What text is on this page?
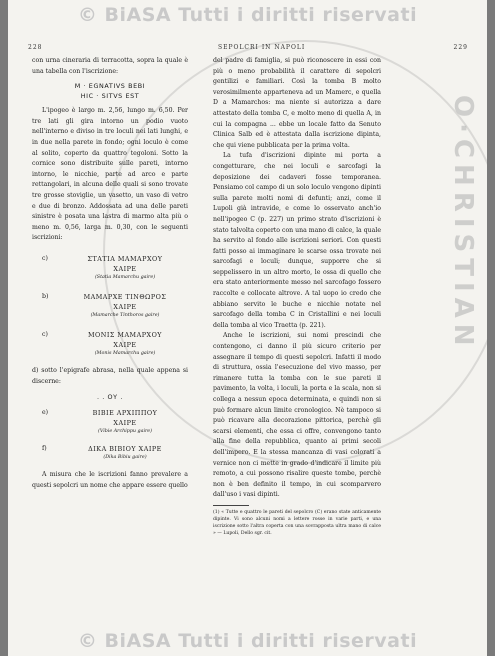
© BiASA Tutti i diritti riservati
O·CHRISTIAN
228	SEPOLCRI IN NAPOLI	229

con urna cineraria di terracotta, sopra la quale è una tabella con l'iscrizione:

M · EGNATIVS BEBI
HIC · SITVS EST

L'ipogeo è largo m. 2,56, lungo m. 6,50. Per tre lati gli gira intorno un podio vuoto nell'interno e diviso in tre loculi nei lati lunghi, e in due nella parete in fondo; ogni loculo è come al solito, coperto da quattro tegoloni. Sotto la cornice sono distribuite sulle pareti, intorno intorno, le nicchie, parte ad arco e parte rettangolari, in alcuna delle quali si sono trovate tre grosse stoviglie, un vasetto, un vaso di vetro e due di bronzo. Addossata ad una delle pareti sinistre è posata una lastra di marmo alta più o meno m. 0,56, larga m. 0,30, con le seguenti iscrizioni:

c)	ΣΤΑΤΙΑ ΜΑΜΑΡΧΟΥ
ΧΑΙΡΕ
(Statia Mamarchu gaire)
b)	ΜΑΜΑΡΧΕ ΤΙΝΘΩΡΟΣ
ΧΑΙΡΕ
(Mamarche Tinthoros gaire)
c)	ΜΟΝΙΣ ΜΑΜΑΡΧΟΥ
ΧΑΙΡΕ
(Monis Mamarchu gaire)

d) sotto l'epigrafe abrasa, nella quale appena si discerne:

. . ΟΥ .
e)	ΒΙΒΙΕ ΑΡΧΙΠΠΟΥ
ΧΑΙΡΕ
(Vibie Archippu gaire)
f)	ΔΙΚΑ ΒΙΒΙΟΥ ΧΑΙΡΕ
(Dika Bibiu gaire)

A misura che le iscrizioni fanno prevalere a questi sepolcri un nome che appare essere quello

del padre di famiglia, si può riconoscere in essi con più o meno probabilità il carattere di sepolcri gentilizi e familiari. Così la tomba B molto verosimilmente apparteneva ad un Mamerc, e quella D a Mamarchos: ma niente si autorizza a dare attestato della tomba C, e molto meno di quella A, in cui la compagna ... ebbe un locale fatto da Senuto Clinica Salb ed è attestata dalla iscrizione dipinta, che qui viene pubblicata per la prima volta.

La tufa d'iscrizioni dipinte mi porta a congetturare, che nei loculi e sarcofagi la deposizione dei cadaveri fosse temporanea. Pensiamo col campo di un solo loculo vengono dipinti sulla parete molti nomi di defunti; anzi, come il Lupoli già intravide, e come lo osservato anch'io nell'ipogeo C (p. 227) un primo strato d'iscrizioni è stato talvolta coperto con una mano di calce, la quale ha servito al fondo alle iscrizioni seriori. Con questi fatti posso ai immaginare le scarse ossa trovate nei sarcofagi e loculi; dunque, supporre che si seppelissero in un altro morto, le ossa di quello che era stato anteriormente messo nel sarcofago fossero raccolte e collocate altrove. A tal uopo io credo che abbiano servito le buche e nicchie notate nel sarcofago della tomba C in Cristallini e nei loculi della tomba al vico Traetta (p. 221).

Anche le iscrizioni, sui nomi prescindi che contengono, ci danno il più sicuro criterio per assegnare il tempo di questi sepolcri. Infatti il modo di struttura, ossia l'esecuzione del vivo masso, per rimanere tutta la tomba con le sue pareti il pavimento, la volta, i loculi, la porta e la scala, non si collega a nessun epoca determinata, e quindi non si può formare alcun limite cronologico. Nè tampoco si può ricavare alla decorazione pittorica, perchè gli scarsi elementi, che essa ci offre, convengono tanto alla fine della repubblica, quanto ai primi secoli dell'impero. E la stessa mancanza di vasi colorati a vernice non ci mette in grado d'indicare il limite più remoto, a cui possono risalire queste tombe, perchè non è ben definito il tempo, in cui scomparvero dall'uso i vasi dipinti.

(1) « Tutte e quattro le pareti del sepolcro (C) erano state anticamente dipinte. Vi sono alcuni nomi a lettere rosse in varie parti, e una iscrizione sotto l'altra coperta con una sovrapposta ultra mano di calce » — Lupoli, Dello sgr. cit.

© BiASA Tutti i diritti riservati
